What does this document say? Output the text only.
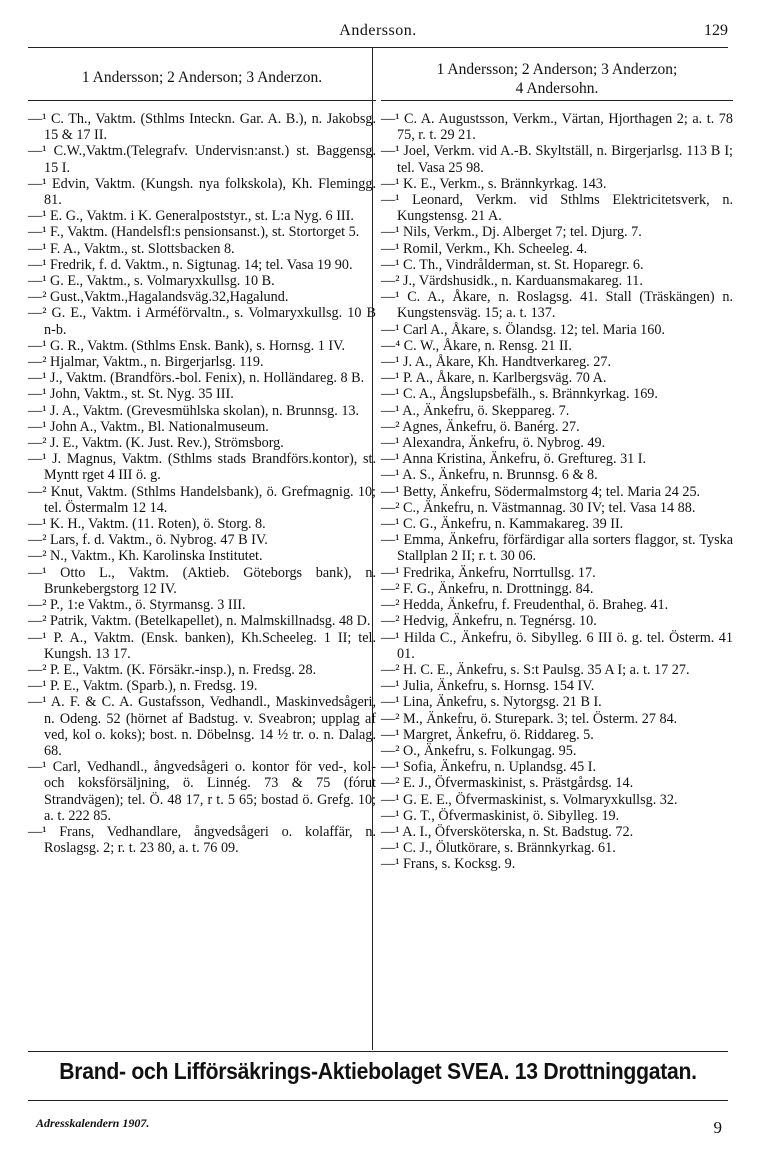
Andersson.	129
1 Andersson; 2 Anderson; 3 Anderzon.
—¹ C. Th., Vaktm. (Sthlms Inteckn. Gar. A. B.), n. Jakobsg. 15 & 17 II.
—¹ C.W.,Vaktm.(Telegrafv. Undervisn:anst.) st. Baggensg. 15 I.
—¹ Edvin, Vaktm. (Kungsh. nya folkskola), Kh. Flemingg. 81.
—¹ E. G., Vaktm. i K. Generalpoststyr., st. L:a Nyg. 6 III.
—¹ F., Vaktm. (Handelsfl:s pensionsanst.), st. Stortorget 5.
—¹ F. A., Vaktm., st. Slottsbacken 8.
—¹ Fredrik, f. d. Vaktm., n. Sigtunag. 14; tel. Vasa 19 90.
—¹ G. E., Vaktm., s. Volmaryxkullsg. 10 B.
—² Gust.,Vaktm.,Hagalandsväg.32,Hagalund.
—² G. E., Vaktm. i Arméförvaltn., s. Volmaryxkullsg. 10 B n-b.
—¹ G. R., Vaktm. (Sthlms Ensk. Bank), s. Hornsg. 1 IV.
—² Hjalmar, Vaktm., n. Birgerjarlsg. 119.
—¹ J., Vaktm. (Brandförs.-bol. Fenix), n. Holländareg. 8 B.
—¹ John, Vaktm., st. St. Nyg. 35 III.
—¹ J. A., Vaktm. (Grevesmühlska skolan), n. Brunnsg. 13.
—¹ John A., Vaktm., Bl. Nationalmuseum.
—² J. E., Vaktm. (K. Just. Rev.), Strömsborg.
—¹ J. Magnus, Vaktm. (Sthlms stads Brandförs.kontor), st. Myntt rget 4 III ö. g.
—² Knut, Vaktm. (Sthlms Handelsbank), ö. Grefmagnig. 10; tel. Östermalm 12 14.
—¹ K. H., Vaktm. (11. Roten), ö. Storg. 8.
—² Lars, f. d. Vaktm., ö. Nybrog. 47 B IV.
—² N., Vaktm., Kh. Karolinska Institutet.
—¹ Otto L., Vaktm. (Aktieb. Göteborgs bank), n. Brunkebergstorg 12 IV.
—² P., 1:e Vaktm., ö. Styrmansg. 3 III.
—² Patrik, Vaktm. (Betelkapellet), n. Malmskillnadsg. 48 D.
—¹ P. A., Vaktm. (Ensk. banken), Kh.Scheeleg. 1 II; tel. Kungsh. 13 17.
—² P. E., Vaktm. (K. Försäkr.-insp.), n. Fredsg. 28.
—¹ P. E., Vaktm. (Sparb.), n. Fredsg. 19.
—¹ A. F. & C. A. Gustafsson, Vedhandl., Maskinvedsågeri, n. Odeng. 52 (hörnet af Badstug. v. Sveabron; upplag af ved, kol o. koks); bost. n. Döbelnsg. 14 ½ tr. o. n. Dalag. 68.
—¹ Carl, Vedhandl., ångvedsågeri o. kontor för ved-, kol- och koksförsäljning, ö. Linnég. 73 & 75 (fórut Strandvägen); tel. Ö. 48 17, r t. 5 65; bostad ö. Grefg. 10; a. t. 222 85.
—¹ Frans, Vedhandlare, ångvedsågeri o. kolaffär, n. Roslagsg. 2; r. t. 23 80, a. t. 76 09.
1 Andersson; 2 Anderson; 3 Anderzon;
4 Andersohn.
—¹ C. A. Augustsson, Verkm., Värtan, Hjorthagen 2; a. t. 78 75, r. t. 29 21.
—¹ Joel, Verkm. vid A.-B. Skyltställ, n. Birgerjarlsg. 113 B I; tel. Vasa 25 98.
—¹ K. E., Verkm., s. Brännkyrkag. 143.
—¹ Leonard, Verkm. vid Sthlms Elektricitetsverk, n. Kungstensg. 21 A.
—¹ Nils, Verkm., Dj. Alberget 7; tel. Djurg. 7.
—¹ Romil, Verkm., Kh. Scheeleg. 4.
—¹ C. Th., Vindrålderman, st. St. Hoparegr. 6.
—² J., Värdshusidk., n. Karduansmakareg. 11.
—¹ C. A., Åkare, n. Roslagsg. 41. Stall (Träskängen) n. Kungstensväg. 15; a. t. 137.
—¹ Carl A., Åkare, s. Ölandsg. 12; tel. Maria 160.
—⁴ C. W., Åkare, n. Rensg. 21 II.
—¹ J. A., Åkare, Kh. Handtverkareg. 27.
—¹ P. A., Åkare, n. Karlbergsväg. 70 A.
—¹ C. A., Ångslupsbefälh., s. Brännkyrkag. 169.
—¹ A., Änkefru, ö. Skeppareg. 7.
—² Agnes, Änkefru, ö. Banérg. 27.
—¹ Alexandra, Änkefru, ö. Nybrog. 49.
—¹ Anna Kristina, Änkefru, ö. Greftureg. 31 I.
—¹ A. S., Änkefru, n. Brunnsg. 6 & 8.
—¹ Betty, Änkefru, Södermalmstorg 4; tel. Maria 24 25.
—² C., Änkefru, n. Västmannag. 30 IV; tel. Vasa 14 88.
—¹ C. G., Änkefru, n. Kammakareg. 39 II.
—¹ Emma, Änkefru, förfärdigar alla sorters flaggor, st. Tyska Stallplan 2 II; r. t. 30 06.
—¹ Fredrika, Änkefru, Norrtullsg. 17.
—² F. G., Änkefru, n. Drottningg. 84.
—² Hedda, Änkefru, f. Freudenthal, ö. Braheg. 41.
—² Hedvig, Änkefru, n. Tegnérsg. 10.
—¹ Hilda C., Änkefru, ö. Sibylleg. 6 III ö. g. tel. Österm. 41 01.
—² H. C. E., Änkefru, s. S:t Paulsg. 35 A I; a. t. 17 27.
—¹ Julia, Änkefru, s. Hornsg. 154 IV.
—¹ Lina, Änkefru, s. Nytorgsg. 21 B I.
—² M., Änkefru, ö. Sturepark. 3; tel. Österm. 27 84.
—¹ Margret, Änkefru, ö. Riddareg. 5.
—² O., Änkefru, s. Folkungag. 95.
—¹ Sofia, Änkefru, n. Uplandsg. 45 I.
—² E. J., Öfvermaskinist, s. Prästgårdsg. 14.
—¹ G. E. E., Öfvermaskinist, s. Volmaryxkullsg. 32.
—¹ G. T., Öfvermaskinist, ö. Sibylleg. 19.
—¹ A. I., Öfversköterska, n. St. Badstug. 72.
—¹ C. J., Ölutkörare, s. Brännkyrkag. 61.
—¹ Frans, s. Kocksg. 9.
Brand- och Lifförsäkrings-Aktiebolaget SVEA. 13 Drottninggatan.
Adresskalendern 1907.	9
